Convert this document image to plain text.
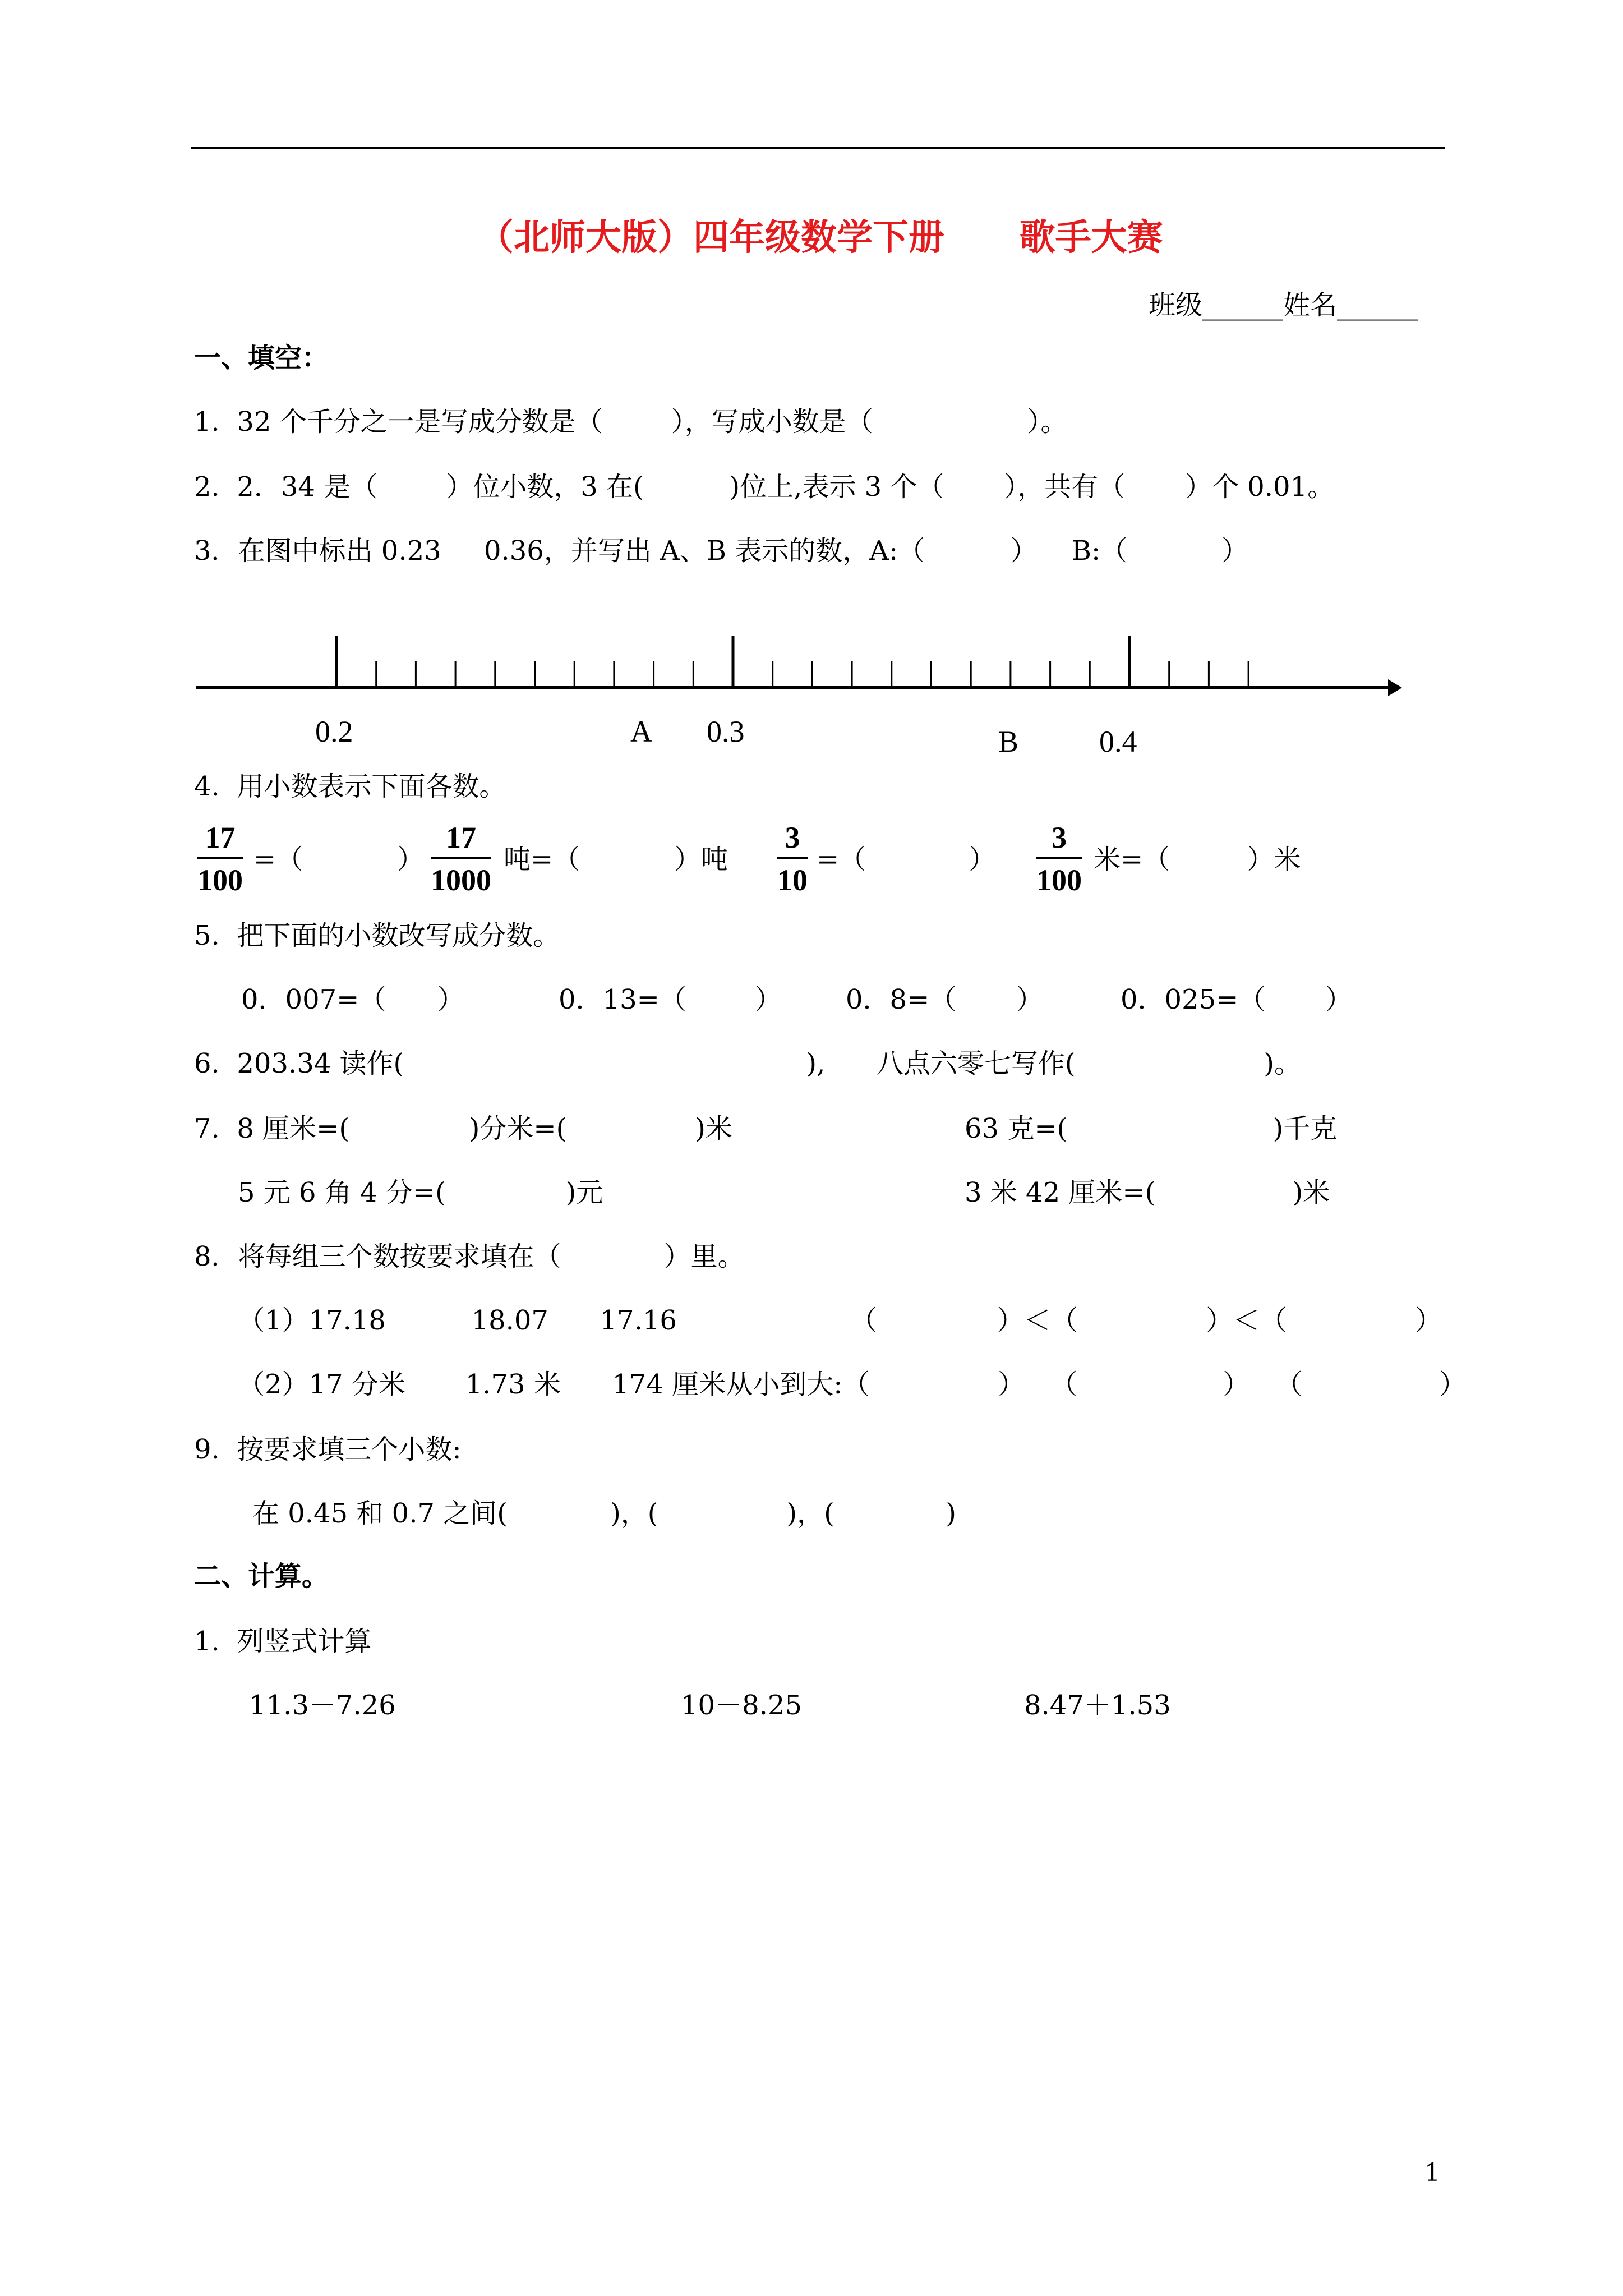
（北师大版）四年级数学下册      歌手大赛
班级______姓名______
一、填空：
1.  32 个千分之一是写成分数是（        ），写成小数是（                  ）。
2.  2．34 是（        ）位小数，3 在(          )位上,表示 3 个（       ），共有（       ）个 0.01。
3．在图中标出 0.23     0.36，并写出 A、B 表示的数，A:（          ）    B:（           ）
0.2	A 0.3	B	0.4
4.  用小数表示下面各数。
17
100
=（           ）
17
1000
吨=（           ）吨
3
10
=（            ）
3
100
米=（         ）米
5.  把下面的小数改写成分数。
0．007=（      ）	0．13=（        ） 0．8=（       ）	0．025=（       ）
6.  203.34 读作(                                               ),      八点六零七写作(                      )。
7.  8 厘米=(              )分米=(               )米	63 克=(                        )千克
5 元 6 角 4 分=(              )元	3 米 42 厘米=(                )米
8．将每组三个数按要求填在（            ）里。
（1）17.18          18.07      17.16	（              ）＜（               ）＜（               ）
（2）17 分米       1.73 米      174 厘米从小到大:（               ）   （                 ）   （                ）
9.  按要求填三个小数:
在 0.45 和 0.7 之间(            )，(               )，(             )
二、计算。
1.  列竖式计算
11.3－7.26	10－8.25	8.47＋1.53
1
